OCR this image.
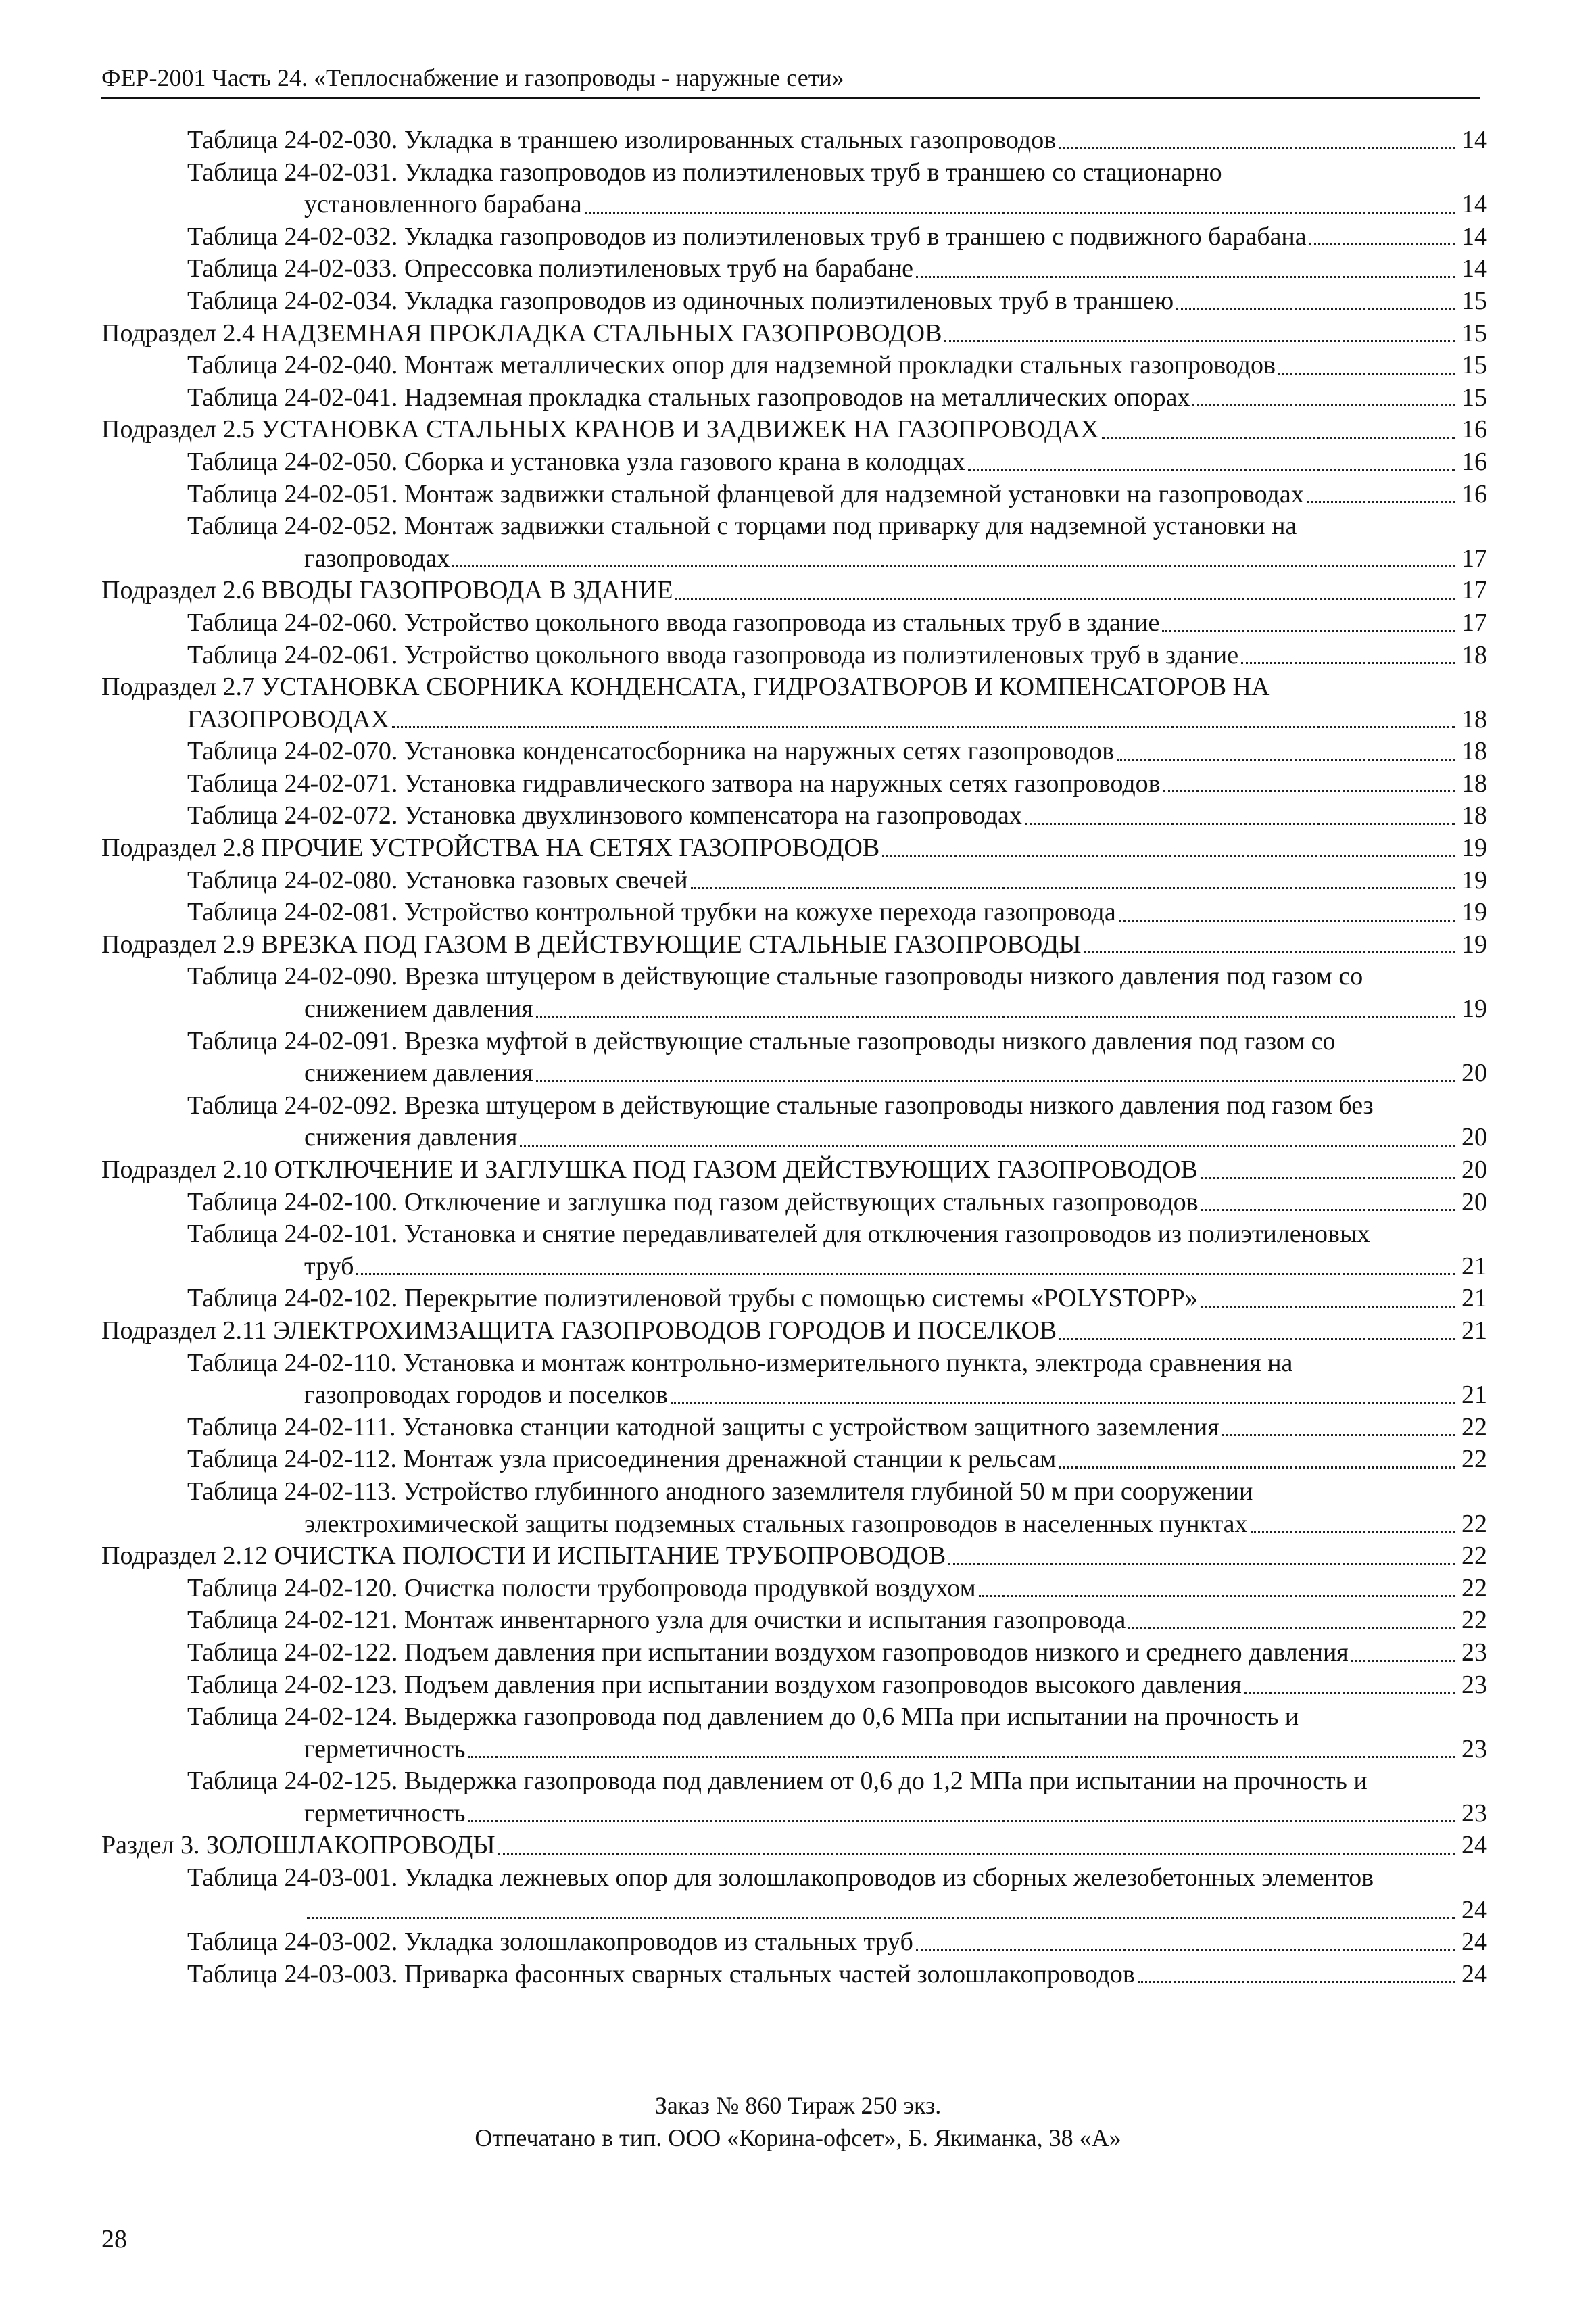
ФЕР-2001 Часть 24. «Теплоснабжение и газопроводы - наружные сети»
Таблица 24-02-030. Укладка в траншею изолированных стальных газопроводов	14
Таблица 24-02-031. Укладка газопроводов из полиэтиленовых труб в траншею со стационарно
установленного барабана	14
Таблица 24-02-032. Укладка газопроводов из полиэтиленовых труб в траншею с подвижного барабана	14
Таблица 24-02-033. Опрессовка полиэтиленовых труб на барабане	14
Таблица 24-02-034. Укладка газопроводов из одиночных полиэтиленовых труб в траншею	15
Подраздел 2.4 НАДЗЕМНАЯ ПРОКЛАДКА СТАЛЬНЫХ ГАЗОПРОВОДОВ	15
Таблица 24-02-040. Монтаж металлических опор для надземной прокладки стальных газопроводов	15
Таблица 24-02-041. Надземная прокладка стальных газопроводов на металлических опорах	15
Подраздел 2.5 УСТАНОВКА СТАЛЬНЫХ КРАНОВ И ЗАДВИЖЕК НА ГАЗОПРОВОДАХ	16
Таблица 24-02-050. Сборка и установка узла газового крана в колодцах	16
Таблица 24-02-051. Монтаж задвижки стальной фланцевой для надземной установки на газопроводах	16
Таблица 24-02-052. Монтаж задвижки стальной с торцами под приварку для надземной установки на
газопроводах	17
Подраздел 2.6 ВВОДЫ ГАЗОПРОВОДА В ЗДАНИЕ	17
Таблица 24-02-060. Устройство цокольного ввода газопровода из стальных труб в здание	17
Таблица 24-02-061. Устройство цокольного ввода газопровода из полиэтиленовых труб в здание	18
Подраздел 2.7 УСТАНОВКА СБОРНИКА КОНДЕНСАТА, ГИДРОЗАТВОРОВ И КОМПЕНСАТОРОВ НА
ГАЗОПРОВОДАХ	18
Таблица 24-02-070. Установка конденсатосборника на наружных сетях газопроводов	18
Таблица 24-02-071. Установка гидравлического затвора на наружных сетях газопроводов	18
Таблица 24-02-072. Установка двухлинзового компенсатора на газопроводах	18
Подраздел 2.8 ПРОЧИЕ УСТРОЙСТВА НА СЕТЯХ ГАЗОПРОВОДОВ	19
Таблица 24-02-080. Установка газовых свечей	19
Таблица 24-02-081. Устройство контрольной трубки на кожухе перехода газопровода	19
Подраздел 2.9 ВРЕЗКА ПОД ГАЗОМ В ДЕЙСТВУЮЩИЕ СТАЛЬНЫЕ ГАЗОПРОВОДЫ	19
Таблица 24-02-090. Врезка штуцером в действующие стальные газопроводы низкого давления под газом со
снижением давления	19
Таблица 24-02-091. Врезка муфтой в действующие стальные газопроводы низкого давления под газом со
снижением давления	20
Таблица 24-02-092. Врезка штуцером в действующие стальные газопроводы низкого давления под газом без
снижения давления	20
Подраздел 2.10 ОТКЛЮЧЕНИЕ И ЗАГЛУШКА ПОД ГАЗОМ ДЕЙСТВУЮЩИХ ГАЗОПРОВОДОВ	20
Таблица 24-02-100. Отключение и заглушка под газом действующих стальных газопроводов	20
Таблица 24-02-101. Установка и снятие передавливателей для отключения газопроводов из полиэтиленовых
труб	21
Таблица 24-02-102. Перекрытие полиэтиленовой трубы с помощью системы «POLYSTOPP»	21
Подраздел 2.11 ЭЛЕКТРОХИМЗАЩИТА ГАЗОПРОВОДОВ ГОРОДОВ И ПОСЕЛКОВ	21
Таблица 24-02-110. Установка и монтаж контрольно-измерительного пункта, электрода сравнения на
газопроводах городов и поселков	21
Таблица 24-02-111. Установка станции катодной защиты с устройством защитного заземления	22
Таблица 24-02-112. Монтаж узла присоединения дренажной станции к рельсам	22
Таблица 24-02-113. Устройство глубинного анодного заземлителя глубиной 50 м при сооружении
электрохимической защиты подземных стальных газопроводов в населенных пунктах	22
Подраздел 2.12 ОЧИСТКА ПОЛОСТИ И ИСПЫТАНИЕ ТРУБОПРОВОДОВ	22
Таблица 24-02-120. Очистка полости трубопровода продувкой воздухом	22
Таблица 24-02-121. Монтаж инвентарного узла для очистки и испытания газопровода	22
Таблица 24-02-122. Подъем давления при испытании воздухом газопроводов низкого и среднего давления	23
Таблица 24-02-123. Подъем давления при испытании воздухом газопроводов высокого давления	23
Таблица 24-02-124. Выдержка газопровода под давлением до 0,6 МПа при испытании на прочность и
герметичность	23
Таблица 24-02-125. Выдержка газопровода под давлением от 0,6 до 1,2 МПа при испытании на прочность и
герметичность	23
Раздел 3. ЗОЛОШЛАКОПРОВОДЫ	24
Таблица 24-03-001. Укладка лежневых опор для золошлакопроводов из сборных железобетонных элементов
24
Таблица 24-03-002. Укладка золошлакопроводов из стальных труб	24
Таблица 24-03-003. Приварка фасонных сварных стальных частей золошлакопроводов	24
Заказ № 860 Тираж 250 экз.
Отпечатано в тип. ООО «Корина-офсет», Б. Якиманка, 38 «А»
28
